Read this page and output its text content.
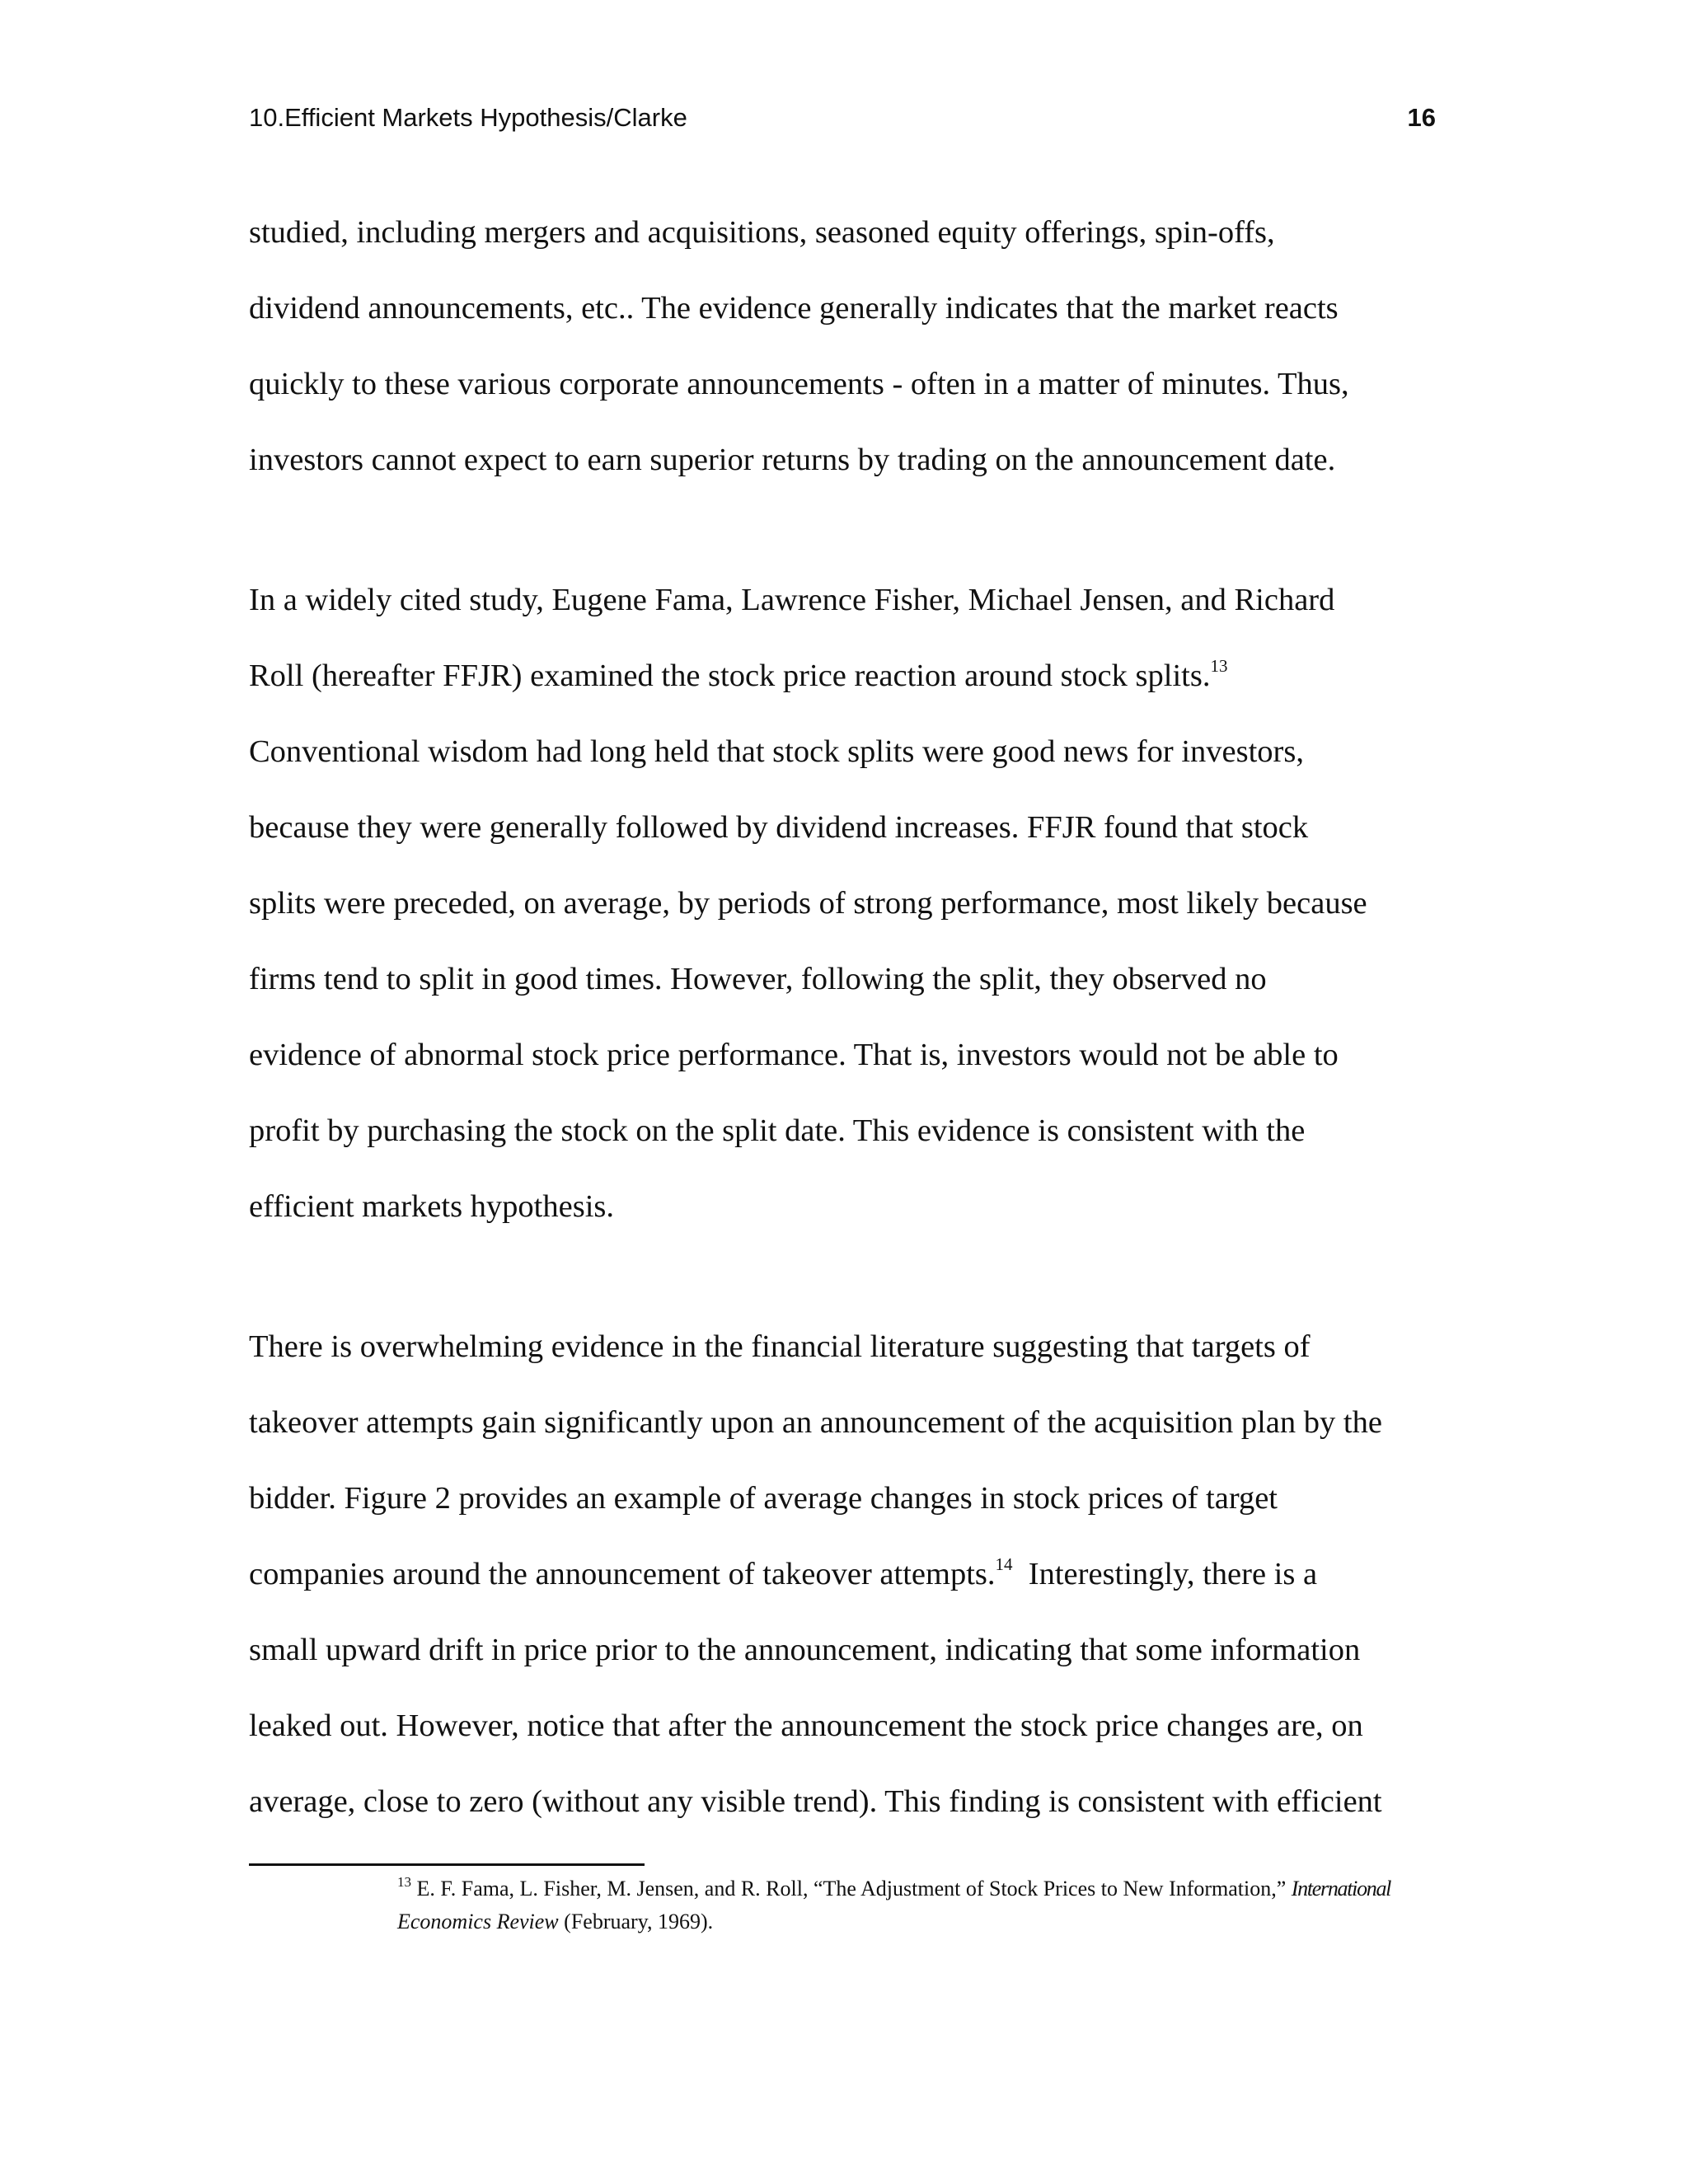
10.Efficient Markets Hypothesis/Clarke	16
studied, including mergers and acquisitions, seasoned equity offerings, spin-offs,
dividend announcements, etc.. The evidence generally indicates that the market reacts
quickly to these various corporate announcements - often in a matter of minutes. Thus,
investors cannot expect to earn superior returns by trading on the announcement date.
In a widely cited study, Eugene Fama, Lawrence Fisher, Michael Jensen, and Richard
Roll (hereafter FFJR) examined the stock price reaction around stock splits.$^{13}$
Conventional wisdom had long held that stock splits were good news for investors,
because they were generally followed by dividend increases. FFJR found that stock
splits were preceded, on average, by periods of strong performance, most likely because
firms tend to split in good times. However, following the split, they observed no
evidence of abnormal stock price performance. That is, investors would not be able to
profit by purchasing the stock on the split date. This evidence is consistent with the
efficient markets hypothesis.
There is overwhelming evidence in the financial literature suggesting that targets of
takeover attempts gain significantly upon an announcement of the acquisition plan by the
bidder. Figure 2 provides an example of average changes in stock prices of target
companies around the announcement of takeover attempts.$^{14}$  Interestingly, there is a
small upward drift in price prior to the announcement, indicating that some information
leaked out. However, notice that after the announcement the stock price changes are, on
average, close to zero (without any visible trend). This finding is consistent with efficient
$^{13}$ E. F. Fama, L. Fisher, M. Jensen, and R. Roll, “The Adjustment of Stock Prices to New Information,” International
Economics Review (February, 1969).
